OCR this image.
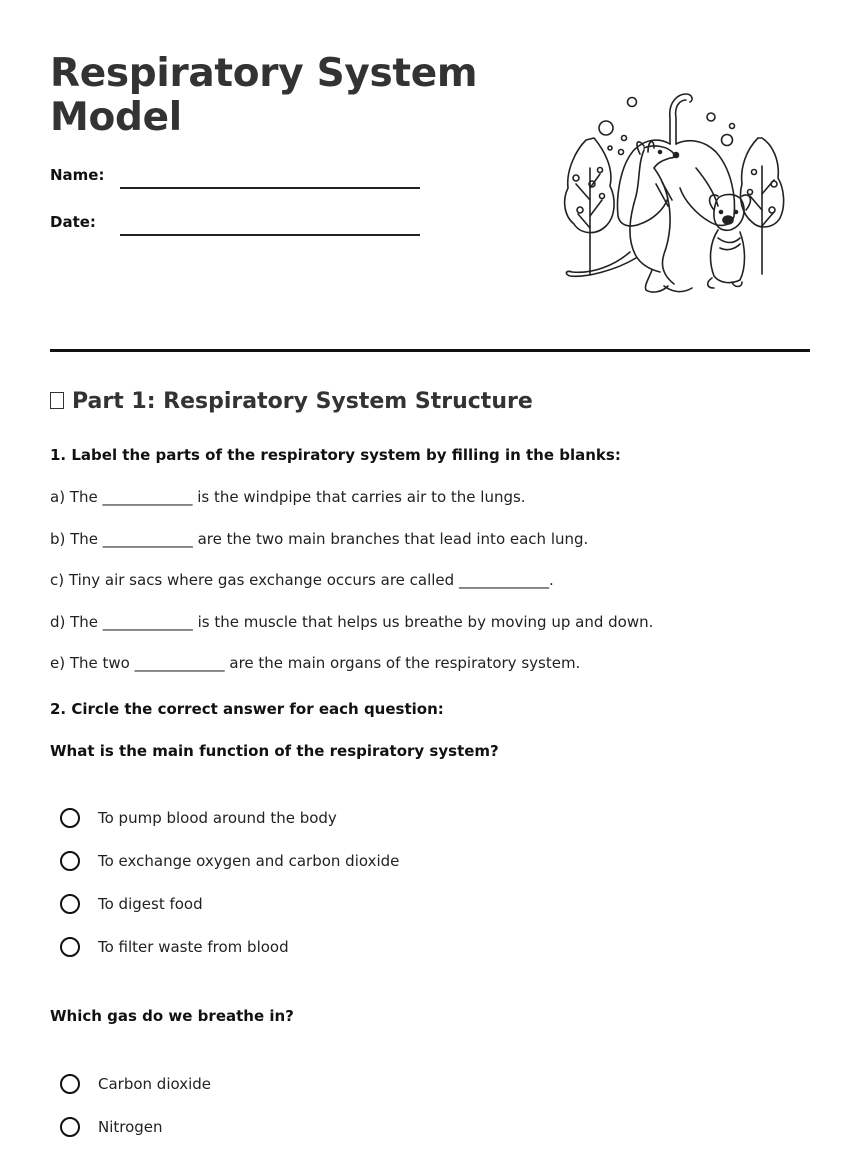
Respiratory System
Model
Name:
Date:
Part 1: Respiratory System Structure
1. Label the parts of the respiratory system by filling in the blanks:
a) The ____________ is the windpipe that carries air to the lungs.
b) The ____________ are the two main branches that lead into each lung.
c) Tiny air sacs where gas exchange occurs are called ____________.
d) The ____________ is the muscle that helps us breathe by moving up and down.
e) The two ____________ are the main organs of the respiratory system.
2. Circle the correct answer for each question:
What is the main function of the respiratory system?
To pump blood around the body
To exchange oxygen and carbon dioxide
To digest food
To filter waste from blood
Which gas do we breathe in?
Carbon dioxide
Nitrogen
